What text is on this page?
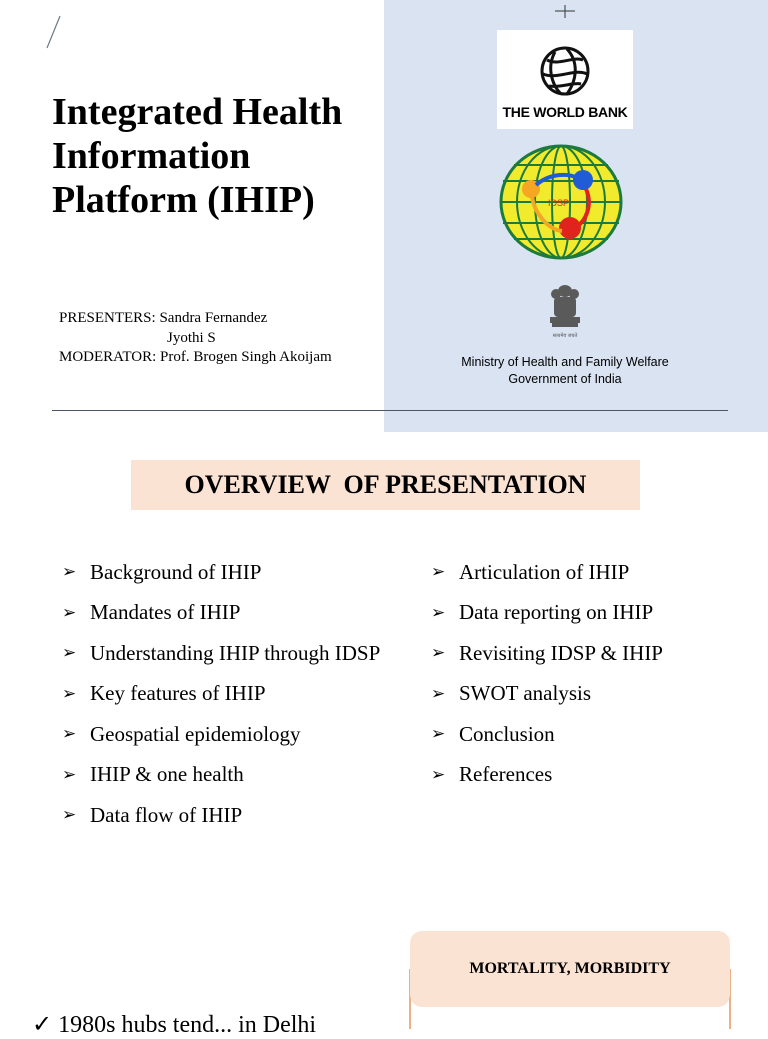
Integrated Health Information Platform (IHIP)
PRESENTERS: Sandra Fernandez
Jyothi S
MODERATOR: Prof. Brogen Singh Akoijam
THE WORLD BANK
IDSP
सत्यमेव जयते
Ministry of Health and Family Welfare
Government of India
OVERVIEW  OF PRESENTATION
➢ Background of IHIP
➢ Mandates of IHIP
➢ Understanding IHIP through IDSP
➢ Key features of IHIP
➢ Geospatial epidemiology
➢ IHIP & one health
➢ Data flow of IHIP
➢ Articulation of IHIP
➢ Data reporting on IHIP
➢ Revisiting IDSP & IHIP
➢ SWOT analysis
➢ Conclusion
➢ References
MORTALITY, MORBIDITY
✓ 1980s hubs tend... in Delhi
